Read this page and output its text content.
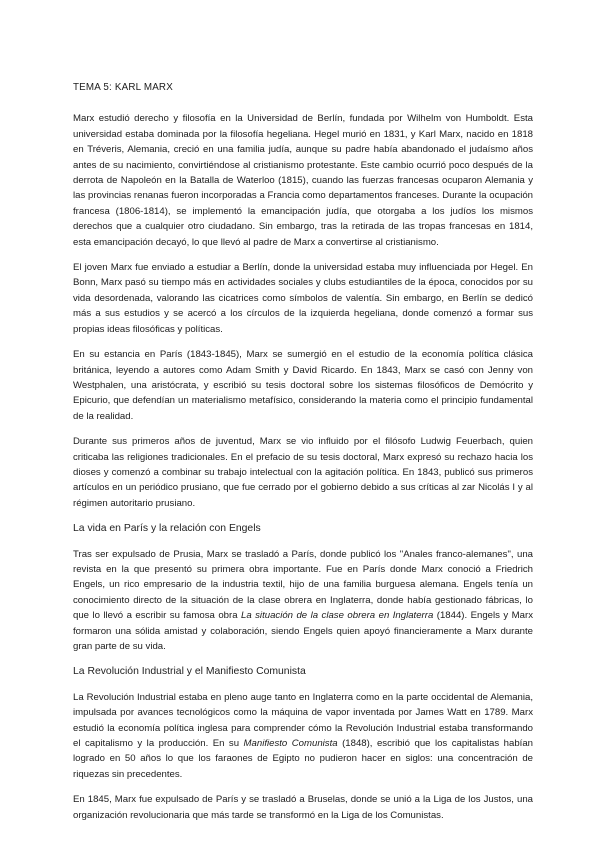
TEMA 5: KARL MARX

Marx estudió derecho y filosofía en la Universidad de Berlín, fundada por Wilhelm von Humboldt. Esta universidad estaba dominada por la filosofía hegeliana. Hegel murió en 1831, y Karl Marx, nacido en 1818 en Tréveris, Alemania, creció en una familia judía, aunque su padre había abandonado el judaísmo años antes de su nacimiento, convirtiéndose al cristianismo protestante. Este cambio ocurrió poco después de la derrota de Napoleón en la Batalla de Waterloo (1815), cuando las fuerzas francesas ocuparon Alemania y las provincias renanas fueron incorporadas a Francia como departamentos franceses. Durante la ocupación francesa (1806-1814), se implementó la emancipación judía, que otorgaba a los judíos los mismos derechos que a cualquier otro ciudadano. Sin embargo, tras la retirada de las tropas francesas en 1814, esta emancipación decayó, lo que llevó al padre de Marx a convertirse al cristianismo.

El joven Marx fue enviado a estudiar a Berlín, donde la universidad estaba muy influenciada por Hegel. En Bonn, Marx pasó su tiempo más en actividades sociales y clubs estudiantiles de la época, conocidos por su vida desordenada, valorando las cicatrices como símbolos de valentía. Sin embargo, en Berlín se dedicó más a sus estudios y se acercó a los círculos de la izquierda hegeliana, donde comenzó a formar sus propias ideas filosóficas y políticas.

En su estancia en París (1843-1845), Marx se sumergió en el estudio de la economía política clásica británica, leyendo a autores como Adam Smith y David Ricardo. En 1843, Marx se casó con Jenny von Westphalen, una aristócrata, y escribió su tesis doctoral sobre los sistemas filosóficos de Demócrito y Epicurio, que defendían un materialismo metafísico, considerando la materia como el principio fundamental de la realidad.

Durante sus primeros años de juventud, Marx se vio influido por el filósofo Ludwig Feuerbach, quien criticaba las religiones tradicionales. En el prefacio de su tesis doctoral, Marx expresó su rechazo hacia los dioses y comenzó a combinar su trabajo intelectual con la agitación política. En 1843, publicó sus primeros artículos en un periódico prusiano, que fue cerrado por el gobierno debido a sus críticas al zar Nicolás I y al régimen autoritario prusiano.

La vida en París y la relación con Engels

Tras ser expulsado de Prusia, Marx se trasladó a París, donde publicó los "Anales franco-alemanes", una revista en la que presentó su primera obra importante. Fue en París donde Marx conoció a Friedrich Engels, un rico empresario de la industria textil, hijo de una familia burguesa alemana. Engels tenía un conocimiento directo de la situación de la clase obrera en Inglaterra, donde había gestionado fábricas, lo que lo llevó a escribir su famosa obra La situación de la clase obrera en Inglaterra (1844). Engels y Marx formaron una sólida amistad y colaboración, siendo Engels quien apoyó financieramente a Marx durante gran parte de su vida.

La Revolución Industrial y el Manifiesto Comunista

La Revolución Industrial estaba en pleno auge tanto en Inglaterra como en la parte occidental de Alemania, impulsada por avances tecnológicos como la máquina de vapor inventada por James Watt en 1789. Marx estudió la economía política inglesa para comprender cómo la Revolución Industrial estaba transformando el capitalismo y la producción. En su Manifiesto Comunista (1848), escribió que los capitalistas habían logrado en 50 años lo que los faraones de Egipto no pudieron hacer en siglos: una concentración de riquezas sin precedentes.

En 1845, Marx fue expulsado de París y se trasladó a Bruselas, donde se unió a la Liga de los Justos, una organización revolucionaria que más tarde se transformó en la Liga de los Comunistas.
